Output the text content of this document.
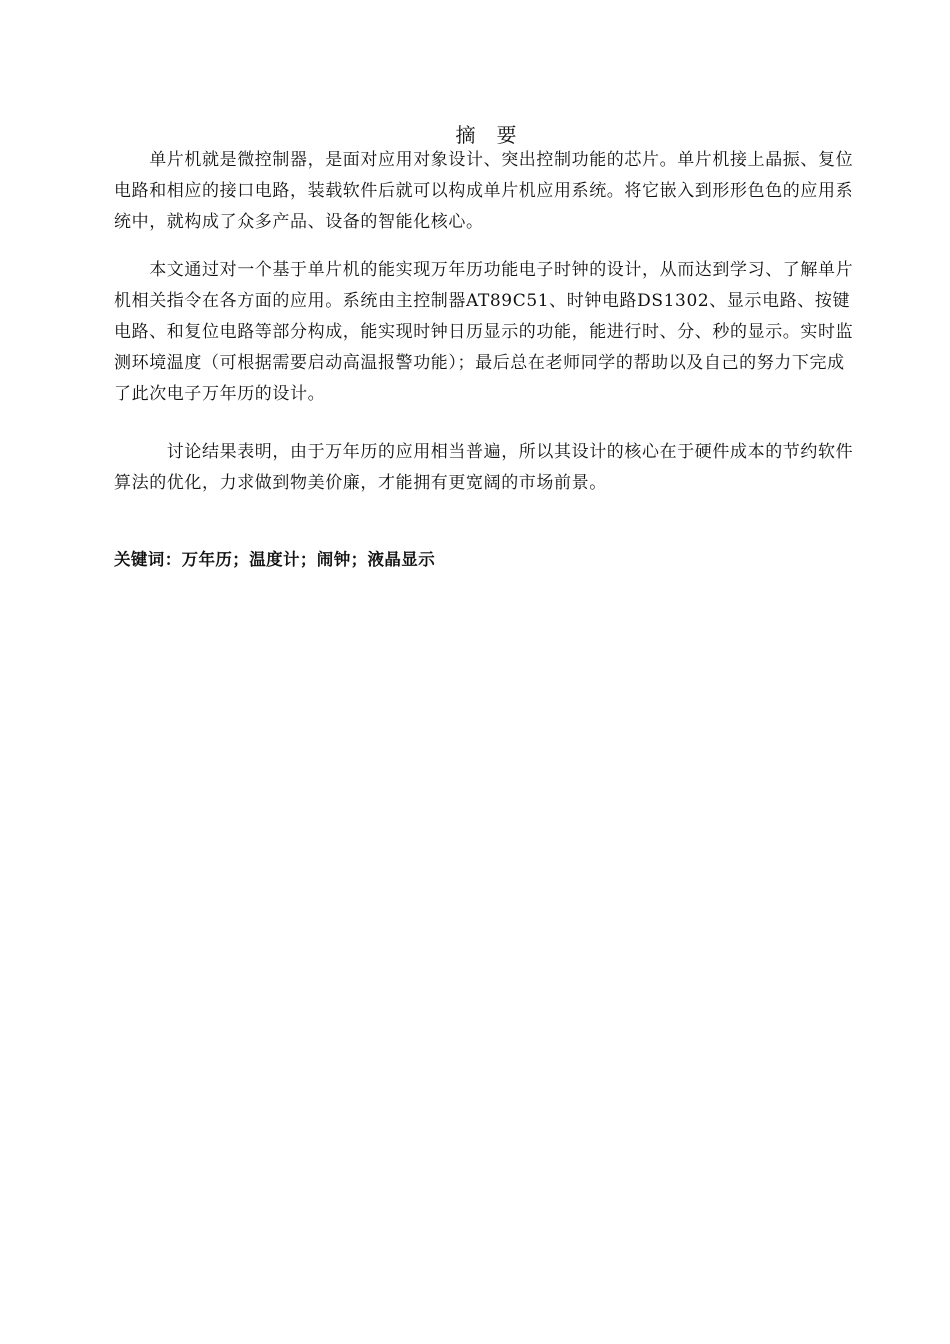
摘 要

　　单片机就是微控制器，是面对应用对象设计、突出控制功能的芯片。单片机接上晶振、复位电路和相应的接口电路，装载软件后就可以构成单片机应用系统。将它嵌入到形形色色的应用系统中，就构成了众多产品、设备的智能化核心。

　　本文通过对一个基于单片机的能实现万年历功能电子时钟的设计，从而达到学习、了解单片机相关指令在各方面的应用。系统由主控制器AT89C51、时钟电路DS1302、显示电路、按键电路、和复位电路等部分构成，能实现时钟日历显示的功能，能进行时、分、秒的显示。实时监测环境温度（可根据需要启动高温报警功能）；最后总在老师同学的帮助以及自己的努力下完成了此次电子万年历的设计。

　　　讨论结果表明，由于万年历的应用相当普遍，所以其设计的核心在于硬件成本的节约软件算法的优化，力求做到物美价廉，才能拥有更宽阔的市场前景。

关键词：万年历；温度计；闹钟；液晶显示
